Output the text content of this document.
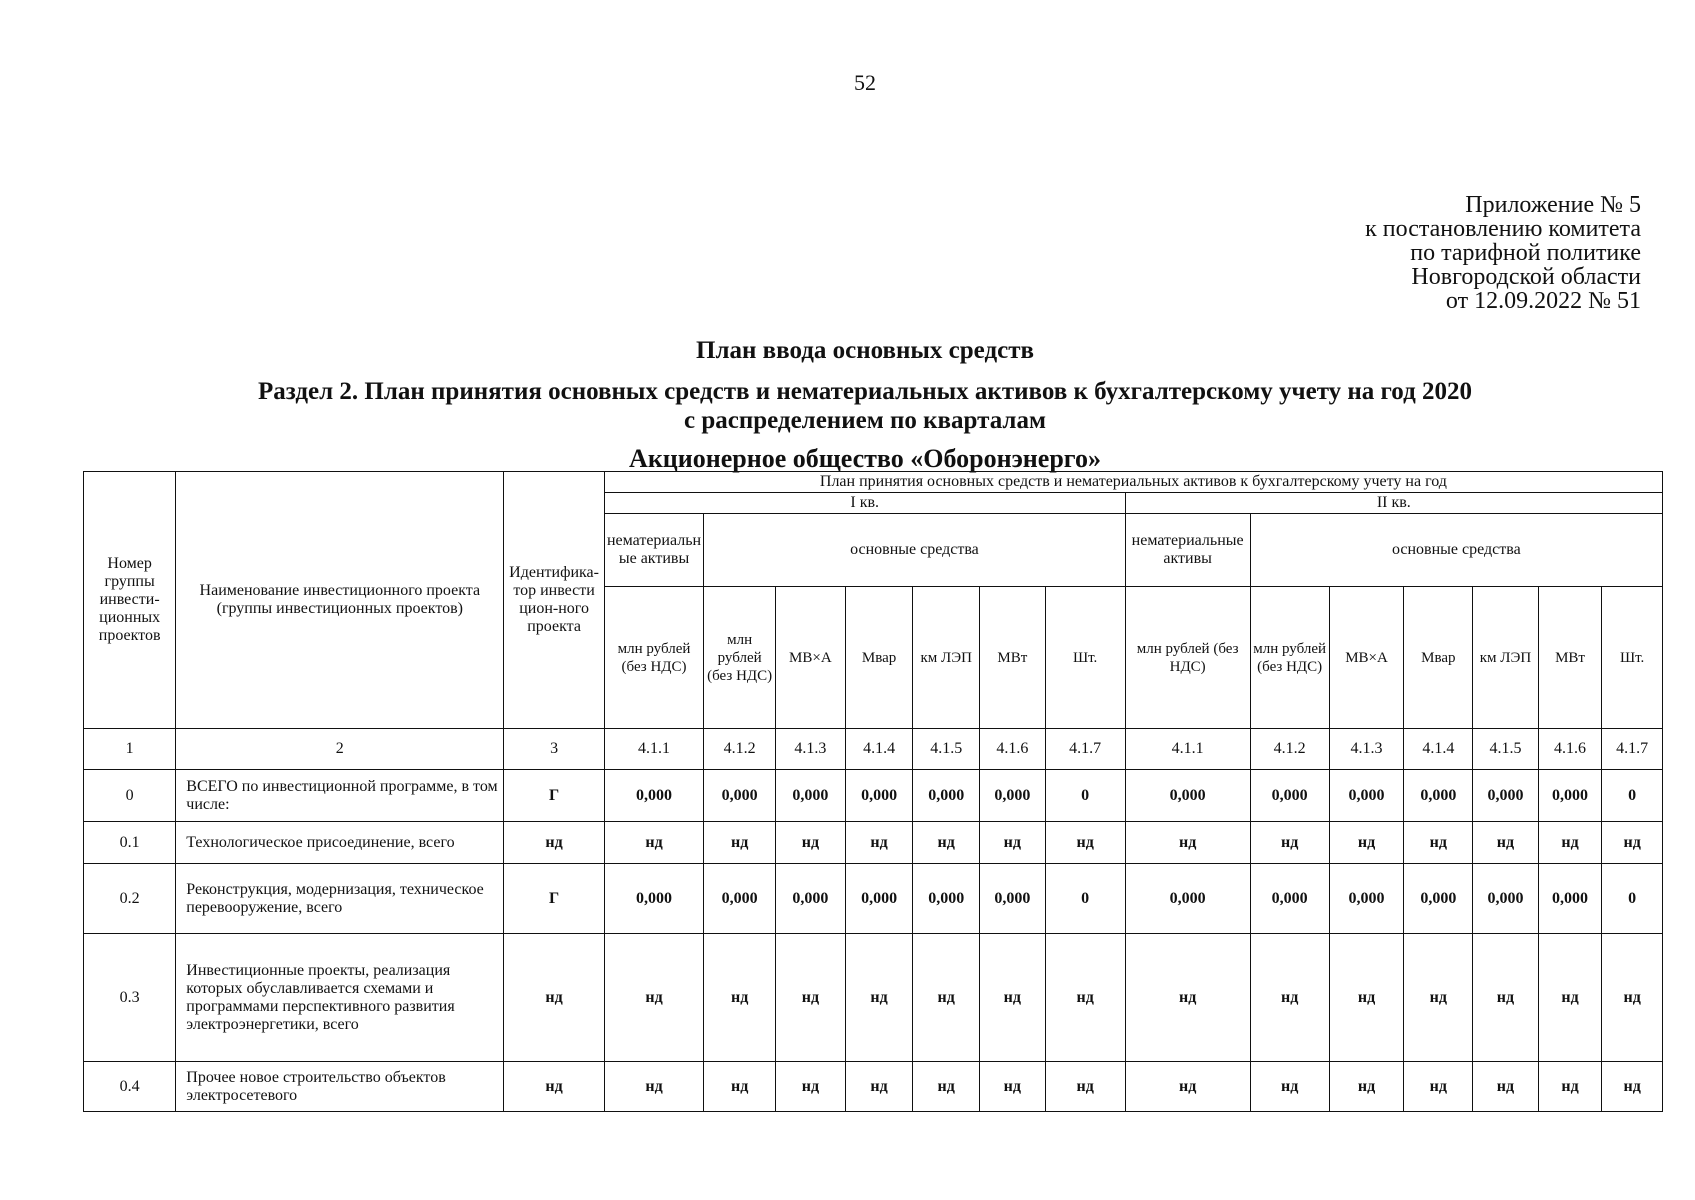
52
Приложение № 5
к постановлению комитета
по тарифной политике
Новгородской области
от 12.09.2022 № 51
План ввода основных средств
Раздел 2. План принятия основных средств и нематериальных активов к бухгалтерскому учету на год 2020
с распределением по кварталам
Акционерное общество «Оборонэнерго»
Номер группы инвести-ционных проектов	Наименование инвестиционного проекта (группы инвестиционных проектов)	Идентифика-тор инвести цион-ного проекта	План принятия основных средств и нематериальных активов к бухгалтерскому учету на год													
			I кв.							II кв.						
			нематериальные активы	основные средства						нематериальные активы	основные средства					
			млн рублей (без НДС)	млн рублей (без НДС)	МВ×А	Мвар	км ЛЭП	МВт	Шт.	млн рублей (без НДС)	млн рублей (без НДС)	МВ×А	Мвар	км ЛЭП	МВт	Шт.
1	2	3	4.1.1	4.1.2	4.1.3	4.1.4	4.1.5	4.1.6	4.1.7	4.1.1	4.1.2	4.1.3	4.1.4	4.1.5	4.1.6	4.1.7
0	ВСЕГО по инвестиционной программе, в том числе:	Г	0,000	0,000	0,000	0,000	0,000	0,000	0	0,000	0,000	0,000	0,000	0,000	0,000	0
0.1	Технологическое присоединение, всего	нд	нд	нд	нд	нд	нд	нд	нд	нд	нд	нд	нд	нд	нд	нд
0.2	Реконструкция, модернизация, техническое перевооружение, всего	Г	0,000	0,000	0,000	0,000	0,000	0,000	0	0,000	0,000	0,000	0,000	0,000	0,000	0
0.3	Инвестиционные проекты, реализация которых обуславливается схемами и программами перспективного развития электроэнергетики, всего	нд	нд	нд	нд	нд	нд	нд	нд	нд	нд	нд	нд	нд	нд	нд
0.4	Прочее новое строительство объектов электросетевого	нд	нд	нд	нд	нд	нд	нд	нд	нд	нд	нд	нд	нд	нд	нд
